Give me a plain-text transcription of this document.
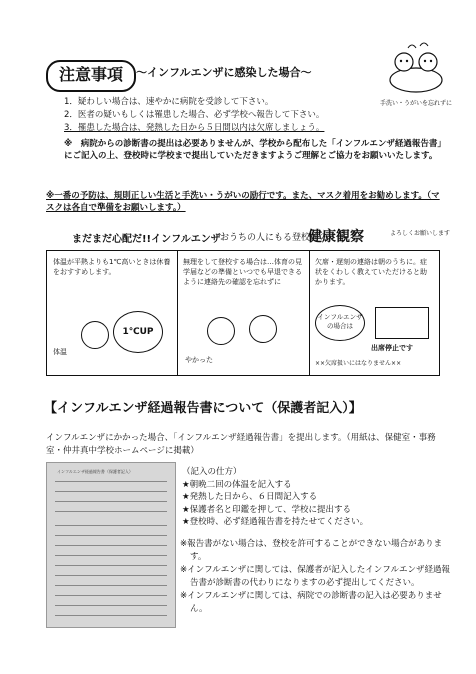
注意事項	〜インフルエンザに感染した場合〜
手洗い・うがいを忘れずに
1．疑わしい場合は、速やかに病院を受診して下さい。
2．医者の疑いもしくは罹患した場合、必ず学校へ報告して下さい。
3．罹患した場合は、発熱した日から５日間以内は欠席しましょう。
※　病院からの診断書の提出は必要ありませんが、学校から配布した「インフルエンザ経過報告書」にご記入の上、登校時に学校まで提出していただきますようご理解とご協力をお願いいたします。
※一番の予防は、規則正しい生活と手洗い・うがいの励行です。また、マスク着用をお勧めします。（マスクは各自で準備をお願いします。）
まだまだ心配だ!!インフルエンザ おうちの人にもる登校前の
健康観察	よろしくお願いします
体温が平熱よりも1℃高いときは休養をおすすめします。
1℃UP
体温
無理をして登校する場合は…体育の見学届などの準備といつでも早退できるように連絡先の確認を忘れずに
やかった
欠席・遅刻の連絡は朝のうちに。症状をくわしく教えていただけると助かります。
インフルエンザの場合は
出席停止です
××欠席扱いにはなりません××
【インフルエンザ経過報告書について（保護者記入）】
インフルエンザにかかった場合、「インフルエンザ経過報告書」を提出します。（用紙は、保健室・事務室・仲井真中学校ホームページに掲載）
インフルエンザ経過報告書（保護者記入）	（記入の仕方）
★朝晩二回の体温を記入する
★発熱した日から、６日間記入する
★保護者名と印鑑を押して、学校に提出する
★登校時、必ず経過報告書を持たせてください。
※報告書がない場合は、登校を許可することができない場合があります。
※インフルエンザに関しては、保護者が記入したインフルエンザ経過報告書が診断書の代わりになりますの必ず提出してください。
※インフルエンザに関しては、病院での診断書の記入は必要ありません。
